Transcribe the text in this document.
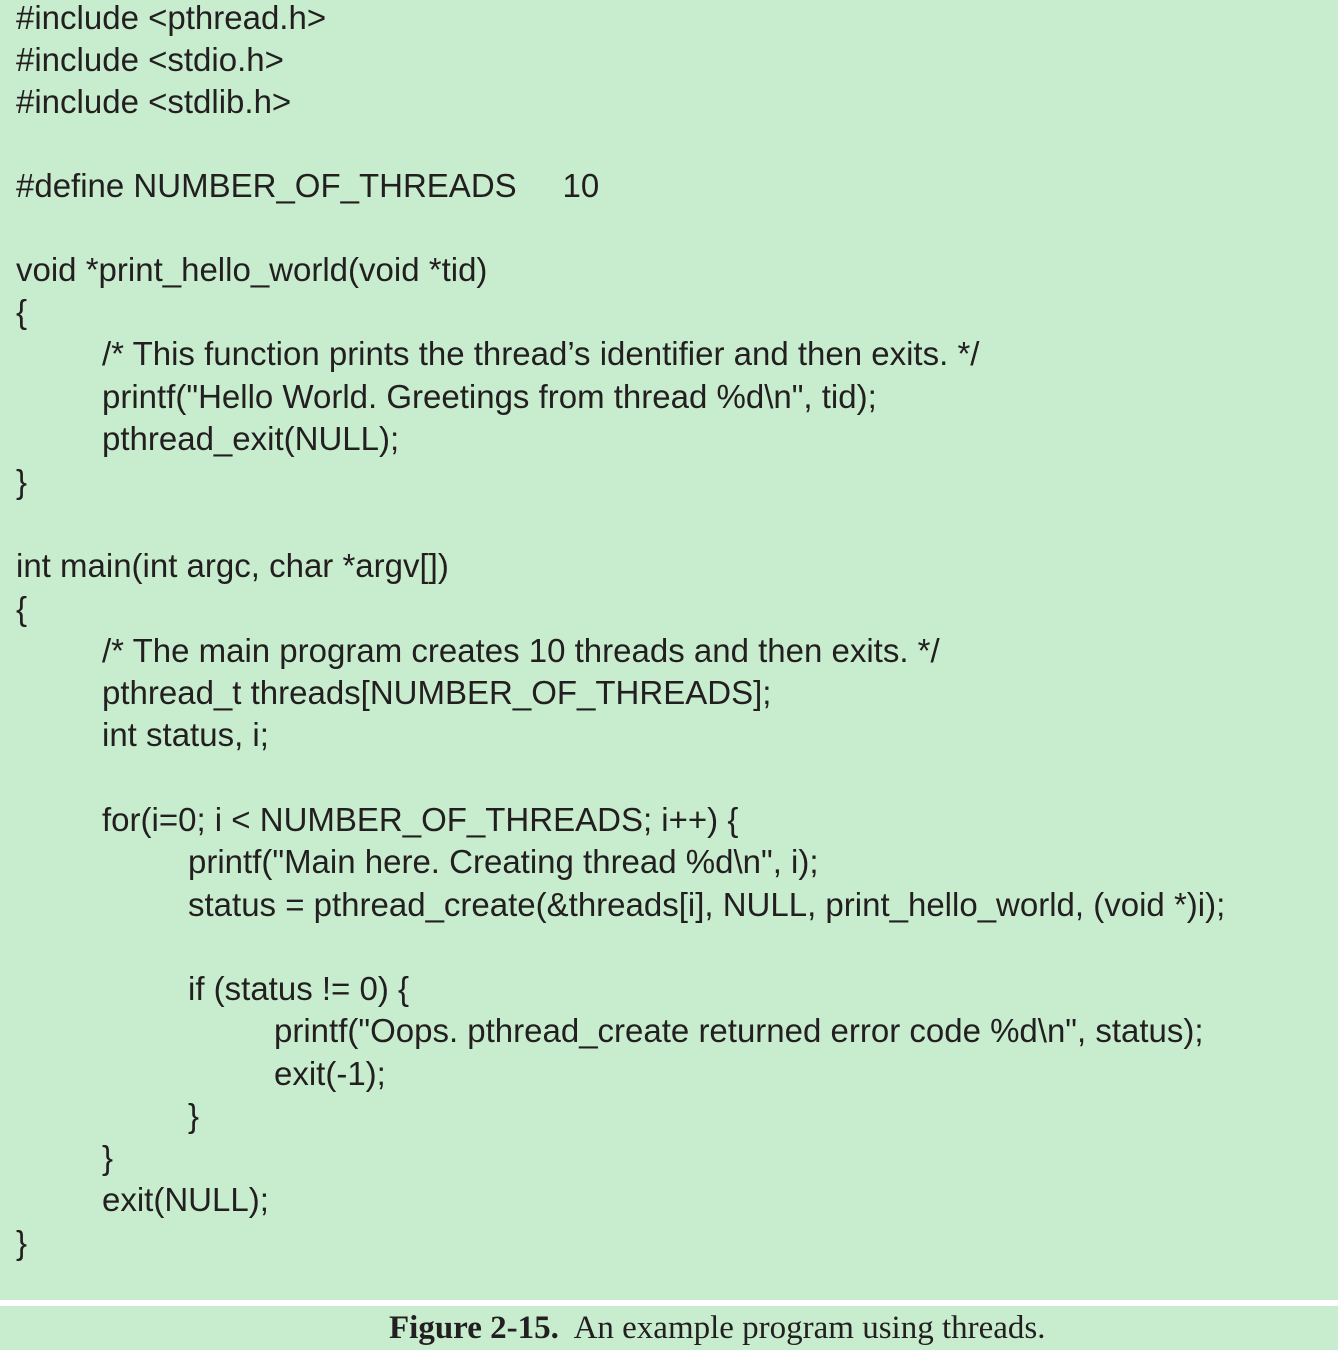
#include <pthread.h>
#include <stdio.h>
#include <stdlib.h>
#define NUMBER_OF_THREADS     10
void *print_hello_world(void *tid)
{
/* This function prints the thread’s identifier and then exits. */
printf("Hello World. Greetings from thread %d\n", tid);
pthread_exit(NULL);
}
int main(int argc, char *argv[])
{
/* The main program creates 10 threads and then exits. */
pthread_t threads[NUMBER_OF_THREADS];
int status, i;
for(i=0; i < NUMBER_OF_THREADS; i++) {
printf("Main here. Creating thread %d\n", i);
status = pthread_create(&threads[i], NULL, print_hello_world, (void *)i);
if (status != 0) {
printf("Oops. pthread_create returned error code %d\n", status);
exit(-1);
}
}
exit(NULL);
}
Figure 2-15. An example program using threads.
